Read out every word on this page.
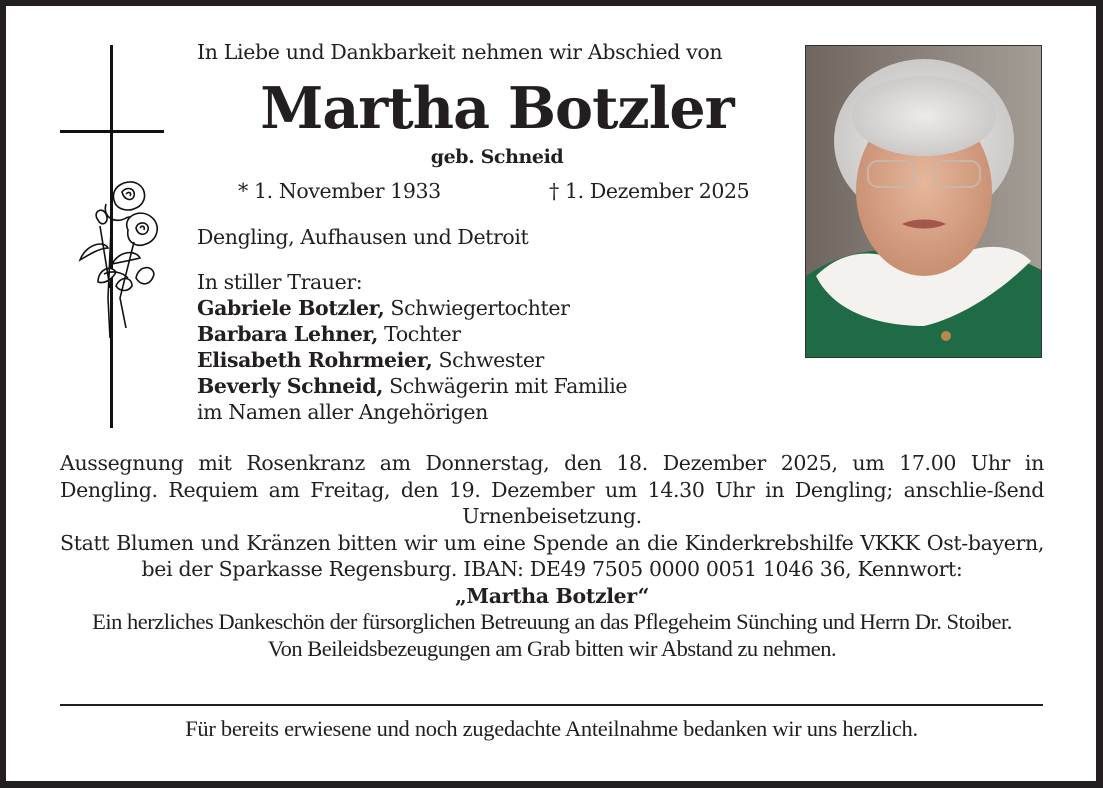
In Liebe und Dankbarkeit nehmen wir Abschied von
Martha Botzler
geb. Schneid
* 1. November 1933	† 1. Dezember 2025
Dengling, Aufhausen und Detroit
In stiller Trauer:
Gabriele Botzler, Schwiegertochter
Barbara Lehner, Tochter
Elisabeth Rohrmeier, Schwester
Beverly Schneid, Schwägerin mit Familie
im Namen aller Angehörigen

Aussegnung mit Rosenkranz am Donnerstag, den 18. Dezember 2025, um 17.00 Uhr in Dengling. Requiem am Freitag, den 19. Dezember um 14.30 Uhr in Dengling; anschlie-ßend Urnenbeisetzung.

Statt Blumen und Kränzen bitten wir um eine Spende an die Kinderkrebshilfe VKKK Ost-bayern, bei der Sparkasse Regensburg. IBAN: DE49 7505 0000 0051 1046 36, Kennwort:

„Martha Botzler“

Ein herzliches Dankeschön der fürsorglichen Betreuung an das Pflegeheim Sünching und Herrn Dr. Stoiber.

Von Beileidsbezeugungen am Grab bitten wir Abstand zu nehmen.

Für bereits erwiesene und noch zugedachte Anteilnahme bedanken wir uns herzlich.
